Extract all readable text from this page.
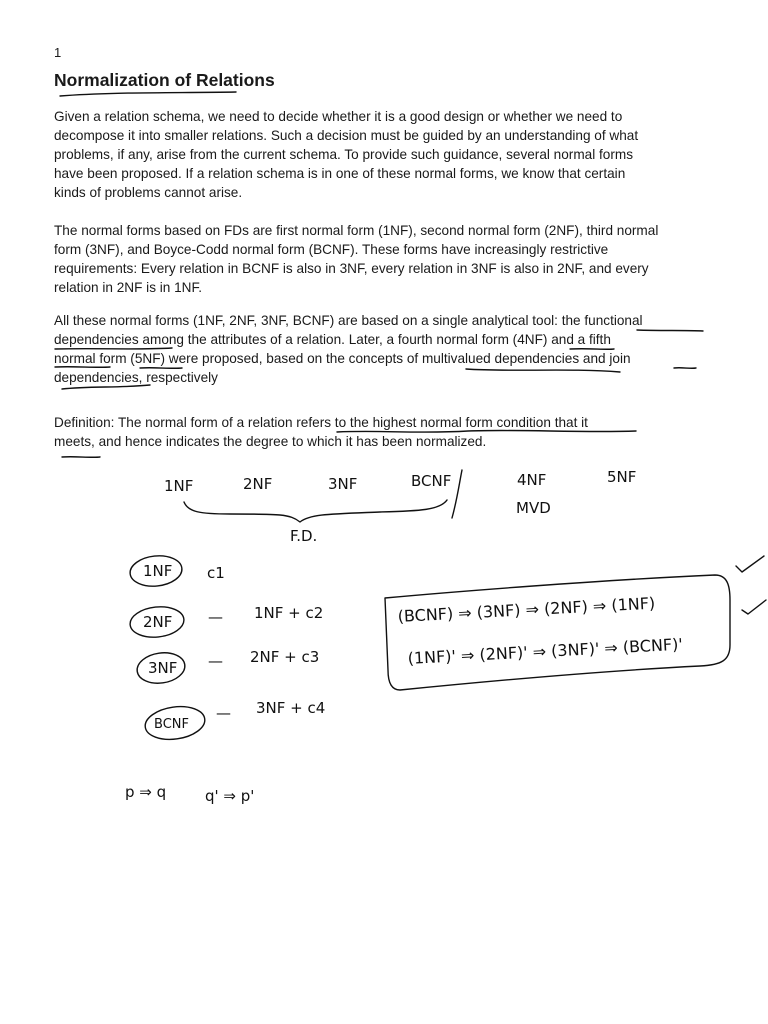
1
Normalization of Relations
Given a relation schema, we need to decide whether it is a good design or whether we need to
decompose it into smaller relations. Such a decision must be guided by an understanding of what
problems, if any, arise from the current schema. To provide such guidance, several normal forms
have been proposed. If a relation schema is in one of these normal forms, we know that certain
kinds of problems cannot arise.
The normal forms based on FDs are first normal form (1NF), second normal form (2NF), third normal
form (3NF), and Boyce-Codd normal form (BCNF). These forms have increasingly restrictive
requirements: Every relation in BCNF is also in 3NF, every relation in 3NF is also in 2NF, and every
relation in 2NF is in 1NF.
All these normal forms (1NF, 2NF, 3NF, BCNF) are based on a single analytical tool: the functional
dependencies among the attributes of a relation. Later, a fourth normal form (4NF) and a fifth
normal form (5NF) were proposed, based on the concepts of multivalued dependencies and join
dependencies, respectively
Definition: The normal form of a relation refers to the highest normal form condition that it
meets, and hence indicates the degree to which it has been normalized.
1NF	2NF	3NF	BCNF	4NF	5NF
MVD
F.D.
1NF
2NF
3NF
BCNF
c1
— 1NF + c2
— 2NF + c3
— 3NF + c4
(BCNF) ⇒ (3NF) ⇒ (2NF) ⇒ (1NF)
(1NF)' ⇒ (2NF)' ⇒ (3NF)' ⇒ (BCNF)'
p ⇒ q	q' ⇒ p'
